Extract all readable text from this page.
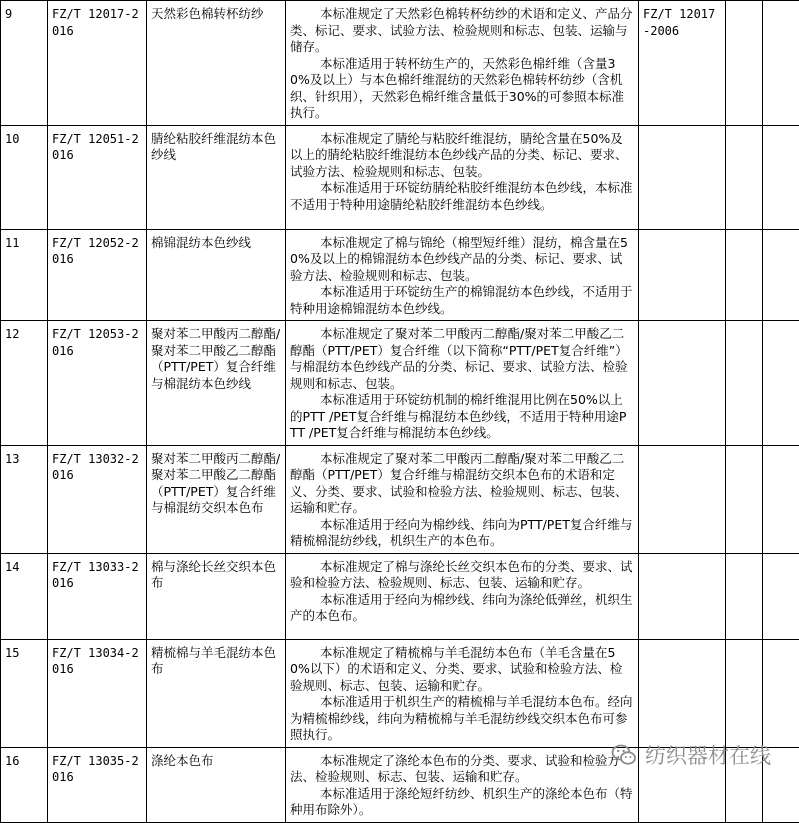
9	FZ/T 12017-2016	天然彩色棉转杯纺纱	本标准规定了天然彩色棉转杯纺纱的术语和定义、产品分类、标记、要求、试验方法、检验规则和标志、包装、运输与储存。

本标准适用于转杯纺生产的，天然彩色棉纤维（含量30%及以上）与本色棉纤维混纺的天然彩色棉转杯纺纱（含机织、针织用），天然彩色棉纤维含量低于30%的可参照本标准执行。	FZ/T 12017-2006		
10	FZ/T 12051-2016	腈纶粘胶纤维混纺本色纱线	本标准规定了腈纶与粘胶纤维混纺，腈纶含量在50%及以上的腈纶粘胶纤维混纺本色纱线产品的分类、标记、要求、试验方法、检验规则和标志、包装。

本标准适用于环锭纺腈纶粘胶纤维混纺本色纱线，本标准不适用于特种用途腈纶粘胶纤维混纺本色纱线。			

11	FZ/T 12052-2016	棉锦混纺本色纱线	本标准规定了棉与锦纶（棉型短纤维）混纺，棉含量在50%及以上的棉锦混纺本色纱线产品的分类、标记、要求、试验方法、检验规则和标志、包装。

本标准适用于环锭纺生产的棉锦混纺本色纱线，不适用于特种用途棉锦混纺本色纱线。			

12	FZ/T 12053-2016	聚对苯二甲酸丙二醇酯/聚对苯二甲酸乙二醇酯（PTT/PET）复合纤维与棉混纺本色纱线	本标准规定了聚对苯二甲酸丙二醇酯/聚对苯二甲酸乙二醇酯（PTT/PET）复合纤维（以下简称“PTT/PET复合纤维”）与棉混纺本色纱线产品的分类、标记、要求、试验方法、检验规则和标志、包装。

本标准适用于环锭纺机制的棉纤维混用比例在50%以上的PTT /PET复合纤维与棉混纺本色纱线，不适用于特种用途PTT /PET复合纤维与棉混纺本色纱线。			

13	FZ/T 13032-2016	聚对苯二甲酸丙二醇酯/聚对苯二甲酸乙二醇酯（PTT/PET）复合纤维与棉混纺交织本色布	本标准规定了聚对苯二甲酸丙二醇酯/聚对苯二甲酸乙二醇酯（PTT/PET）复合纤维与棉混纺交织本色布的术语和定义、分类、要求、试验和检验方法、检验规则、标志、包装、运输和贮存。

本标准适用于经向为棉纱线、纬向为PTT/PET复合纤维与精梳棉混纺纱线，机织生产的本色布。			

14	FZ/T 13033-2016	棉与涤纶长丝交织本色布	本标准规定了棉与涤纶长丝交织本色布的分类、要求、试验和检验方法、检验规则、标志、包装、运输和贮存。

本标准适用于经向为棉纱线、纬向为涤纶低弹丝，机织生产的本色布。			

15	FZ/T 13034-2016	精梳棉与羊毛混纺本色布	本标准规定了精梳棉与羊毛混纺本色布（羊毛含量在50%以下）的术语和定义、分类、要求、试验和检验方法、检验规则、标志、包装、运输和贮存。

本标准适用于机织生产的精梳棉与羊毛混纺本色布。经向为精梳棉纱线，纬向为精梳棉与羊毛混纺纱线交织本色布可参照执行。			

16	FZ/T 13035-2016	涤纶本色布	本标准规定了涤纶本色布的分类、要求、试验和检验方法、检验规则、标志、包装、运输和贮存。

本标准适用于涤纶短纤纺纱、机织生产的涤纶本色布（特种用布除外）。			

纺织器材在线
